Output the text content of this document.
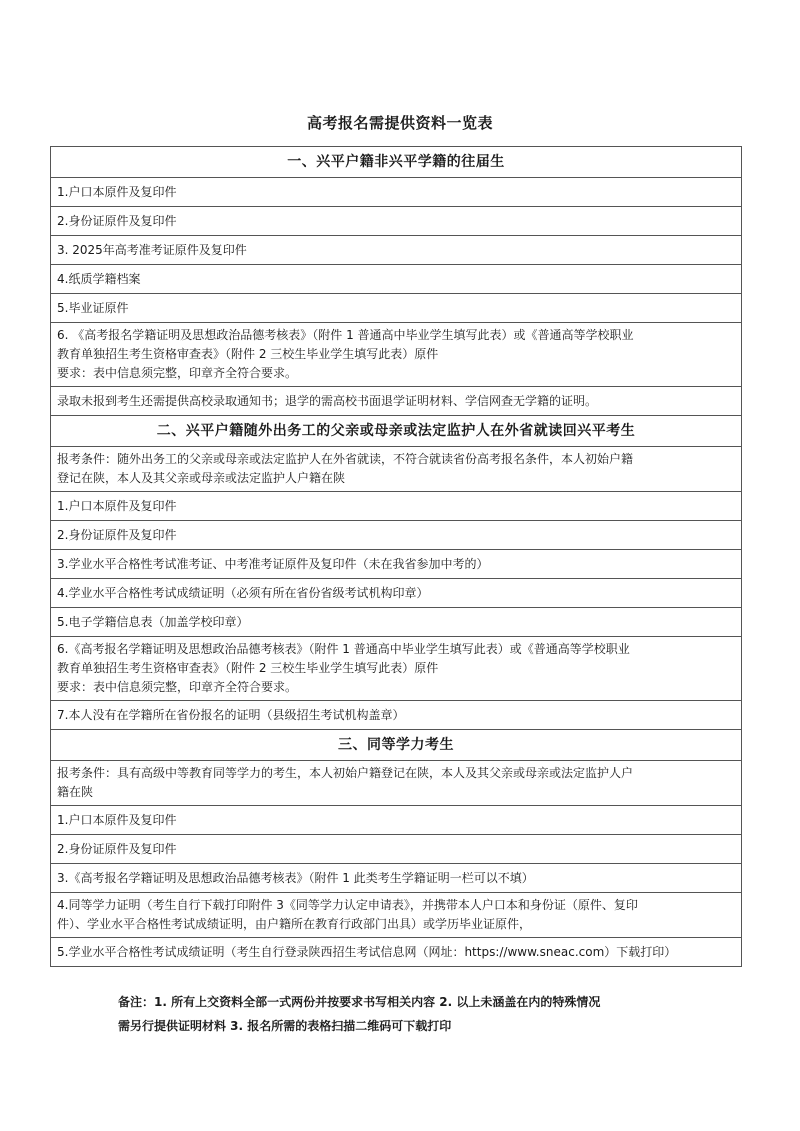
高考报名需提供资料一览表
一、兴平户籍非兴平学籍的往届生

1.户口本原件及复印件

2.身份证原件及复印件

3. 2025年高考准考证原件及复印件

4.纸质学籍档案

5.毕业证原件

6. 《高考报名学籍证明及思想政治品德考核表》（附件 1 普通高中毕业学生填写此表）或《普通高等学校职业
教育单独招生考生资格审查表》（附件 2 三校生毕业学生填写此表）原件
要求：表中信息须完整，印章齐全符合要求。

录取未报到考生还需提供高校录取通知书；退学的需高校书面退学证明材料、学信网查无学籍的证明。

二、兴平户籍随外出务工的父亲或母亲或法定监护人在外省就读回兴平考生

报考条件：随外出务工的父亲或母亲或法定监护人在外省就读，不符合就读省份高考报名条件，本人初始户籍
登记在陕，本人及其父亲或母亲或法定监护人户籍在陕

1.户口本原件及复印件

2.身份证原件及复印件

3.学业水平合格性考试准考证、中考准考证原件及复印件（未在我省参加中考的）

4.学业水平合格性考试成绩证明（必须有所在省份省级考试机构印章）

5.电子学籍信息表（加盖学校印章）

6.《高考报名学籍证明及思想政治品德考核表》（附件 1 普通高中毕业学生填写此表）或《普通高等学校职业
教育单独招生考生资格审查表》（附件 2 三校生毕业学生填写此表）原件
要求：表中信息须完整，印章齐全符合要求。

7.本人没有在学籍所在省份报名的证明（县级招生考试机构盖章）

三、同等学力考生

报考条件：具有高级中等教育同等学力的考生，本人初始户籍登记在陕，本人及其父亲或母亲或法定监护人户
籍在陕

1.户口本原件及复印件

2.身份证原件及复印件

3.《高考报名学籍证明及思想政治品德考核表》（附件 1 此类考生学籍证明一栏可以不填）

4.同等学力证明（考生自行下载打印附件 3《同等学力认定申请表》，并携带本人户口本和身份证（原件、复印
件）、学业水平合格性考试成绩证明，由户籍所在教育行政部门出具）或学历毕业证原件，

5.学业水平合格性考试成绩证明（考生自行登录陕西招生考试信息网（网址：https://www.sneac.com）下载打印）
备注：1. 所有上交资料全部一式两份并按要求书写相关内容 2. 以上未涵盖在内的特殊情况
需另行提供证明材料 3. 报名所需的表格扫描二维码可下载打印
